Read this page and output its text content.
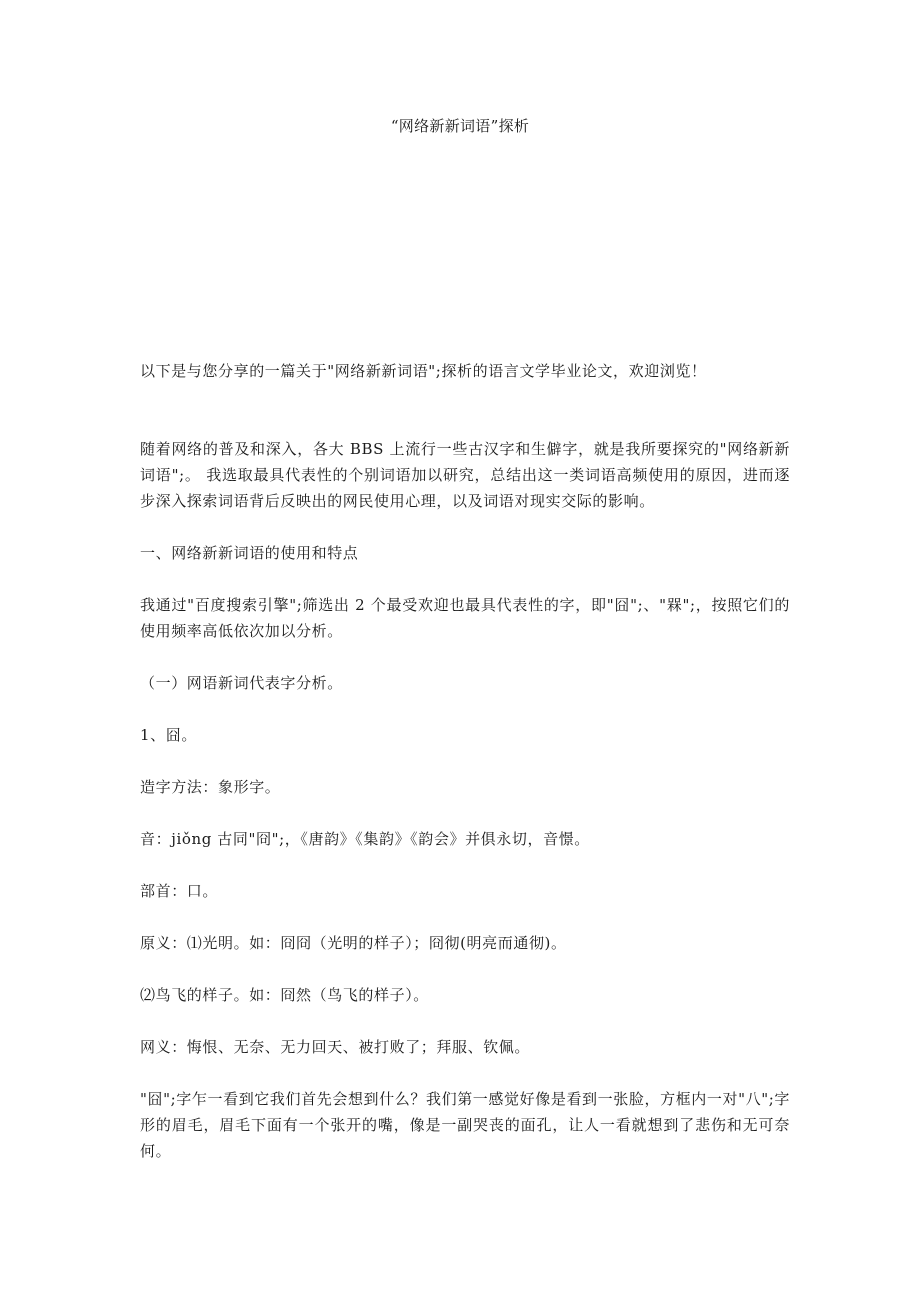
“网络新新词语”探析

以下是与您分享的一篇关于"网络新新词语";探析的语言文学毕业论文，欢迎浏览！

随着网络的普及和深入，各大 BBS 上流行一些古汉字和生僻字，就是我所要探究的"网络新新词语";。 我选取最具代表性的个别词语加以研究，总结出这一类词语高频使用的原因，进而逐步深入探索词语背后反映出的网民使用心理，以及词语对现实交际的影响。

一、网络新新词语的使用和特点

我通过"百度搜索引擎";筛选出 2 个最受欢迎也最具代表性的字，即"囧";、"槑";，按照它们的使用频率高低依次加以分析。

（一）网语新词代表字分析。

1、囧。

造字方法：象形字。

音：jiǒng 古同"冏";，《唐韵》《集韵》《韵会》并俱永切，音憬。

部首：口。

原义：⑴光明。如：冏冏（光明的样子）；冏彻(明亮而通彻)。

⑵鸟飞的样子。如：冏然（鸟飞的样子）。

网义：悔恨、无奈、无力回天、被打败了；拜服、钦佩。

"囧";字乍一看到它我们首先会想到什么？我们第一感觉好像是看到一张脸，方框内一对"八";字形的眉毛，眉毛下面有一个张开的嘴，像是一副哭丧的面孔，让人一看就想到了悲伤和无可奈何。
